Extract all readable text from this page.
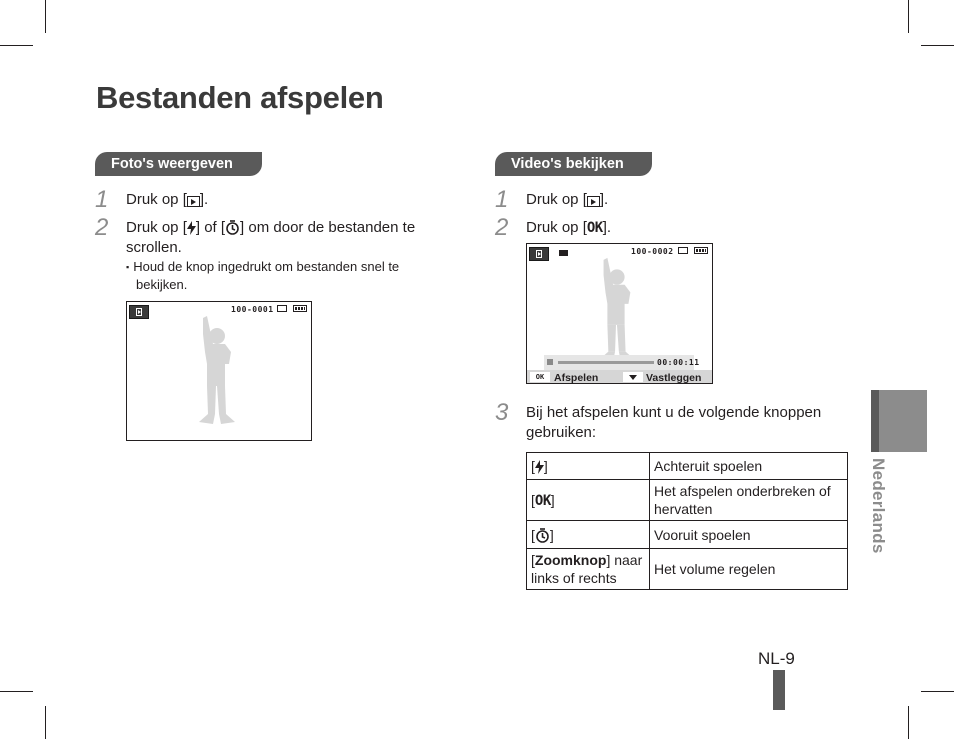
Bestanden afspelen
Foto's weergeven
1 Druk op [ ].
2 Druk op [ ] of [ ] om door de bestanden te
scrollen.
▪ Houd de knop ingedrukt om bestanden snel te
bekijken.
100-0001
Video's bekijken
1 Druk op [ ].
2 Druk op [OK].
100-0002
00:00:11
OK Afspelen	Vastleggen
3 Bij het afspelen kunt u de volgende knoppen
gebruiken:
[ ]	Achteruit spoelen
[OK]	Het afspelen onderbreken of
hervatten
[ ]	Vooruit spoelen
[Zoomknop] naar
links of rechts	Het volume regelen
Nederlands
NL-9
